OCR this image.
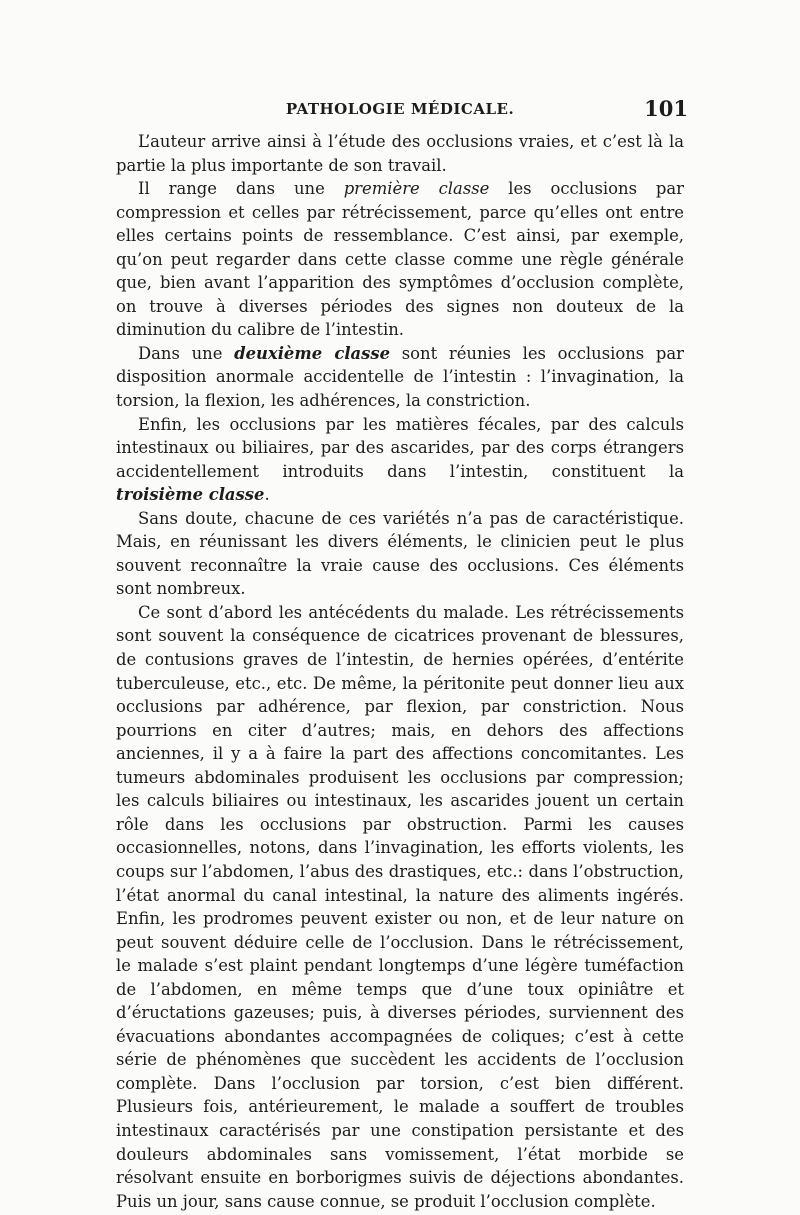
PATHOLOGIE MÉDICALE.	101

L’auteur arrive ainsi à l’étude des occlusions vraies, et c’est là la partie la plus importante de son travail.

Il range dans une première classe les occlusions par compression et celles par rétrécissement, parce qu’elles ont entre elles certains points de ressemblance. C’est ainsi, par exemple, qu’on peut regarder dans cette classe comme une règle générale que, bien avant l’apparition des symptômes d’occlusion complète, on trouve à diverses périodes des signes non douteux de la diminution du calibre de l’intestin.

Dans une deuxième classe sont réunies les occlusions par disposition anormale accidentelle de l’intestin : l’invagination, la torsion, la flexion, les adhérences, la constriction.

Enfin, les occlusions par les matières fécales, par des calculs intestinaux ou biliaires, par des ascarides, par des corps étrangers accidentellement introduits dans l’intestin, constituent la troisième classe.

Sans doute, chacune de ces variétés n’a pas de caractéristique. Mais, en réunissant les divers éléments, le clinicien peut le plus souvent reconnaître la vraie cause des occlusions. Ces éléments sont nombreux.

Ce sont d’abord les antécédents du malade. Les rétrécissements sont souvent la conséquence de cicatrices provenant de blessures, de contusions graves de l’intestin, de hernies opérées, d’entérite tuberculeuse, etc., etc. De même, la péritonite peut donner lieu aux occlusions par adhérence, par flexion, par constriction. Nous pourrions en citer d’autres; mais, en dehors des affections anciennes, il y a à faire la part des affections concomitantes. Les tumeurs abdominales produisent les occlusions par compression; les calculs biliaires ou intestinaux, les ascarides jouent un certain rôle dans les occlusions par obstruction. Parmi les causes occasionnelles, notons, dans l’invagination, les efforts violents, les coups sur l’abdomen, l’abus des drastiques, etc.: dans l’obstruction, l’état anormal du canal intestinal, la nature des aliments ingérés. Enfin, les prodromes peuvent exister ou non, et de leur nature on peut souvent déduire celle de l’occlusion. Dans le rétrécissement, le malade s’est plaint pendant longtemps d’une légère tuméfaction de l’abdomen, en même temps que d’une toux opiniâtre et d’éructations gazeuses; puis, à diverses périodes, surviennent des évacuations abondantes accompagnées de coliques; c’est à cette série de phénomènes que succèdent les accidents de l’occlusion complète. Dans l’occlusion par torsion, c’est bien différent. Plusieurs fois, antérieurement, le malade a souffert de troubles intestinaux caractérisés par une constipation persistante et des douleurs abdominales sans vomissement, l’état morbide se résolvant ensuite en borborigmes suivis de déjections abondantes. Puis un jour, sans cause connue, se produit l’occlusion complète.
